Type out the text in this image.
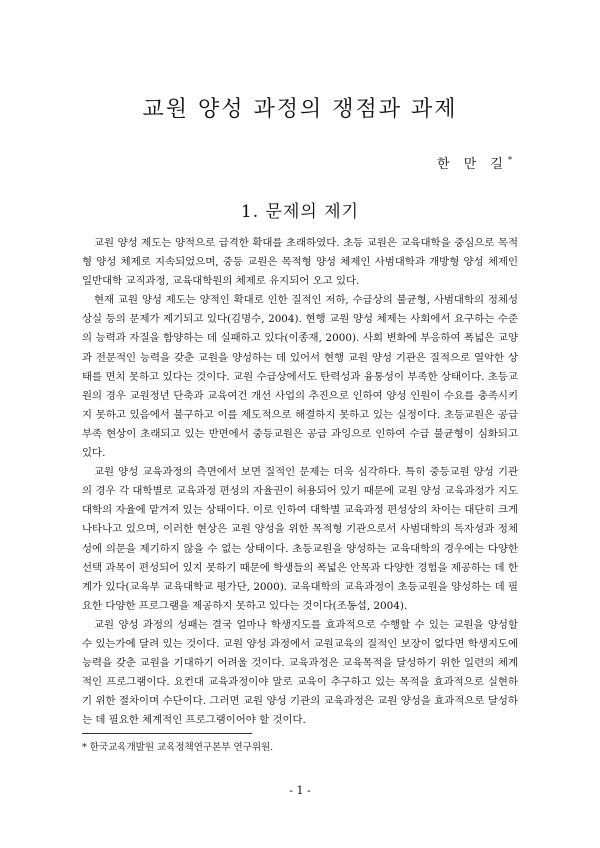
교원 양성 과정의 쟁점과 과제
한 만 길*
1. 문제의 제기

교원 양성 제도는 양적으로 급격한 확대를 초래하였다. 초등 교원은 교육대학을 중심으로 목적형 양성 체제로 지속되었으며, 중등 교원은 목적형 양성 체제인 사범대학과 개방형 양성 체제인 일반대학 교직과정, 교육대학원의 체제로 유지되어 오고 있다.

현재 교원 양성 제도는 양적인 확대로 인한 질적인 저하, 수급상의 불균형, 사범대학의 정체성 상실 등의 문제가 제기되고 있다(김명수, 2004). 현행 교원 양성 체제는 사회에서 요구하는 수준의 능력과 자질을 함양하는 데 실패하고 있다(이종재, 2000). 사회 변화에 부응하여 폭넓은 교양과 전문적인 능력을 갖춘 교원을 양성하는 데 있어서 현행 교원 양성 기관은 질적으로 열악한 상태를 면치 못하고 있다는 것이다. 교원 수급상에서도 탄력성과 융통성이 부족한 상태이다. 초등교원의 경우 교원정년 단축과 교육여건 개선 사업의 추진으로 인하여 양성 인원이 수요를 충족시키지 못하고 있음에서 불구하고 이를 제도적으로 해결하지 못하고 있는 실정이다. 초등교원은 공급 부족 현상이 초래되고 있는 반면에서 중등교원은 공급 과잉으로 인하여 수급 불균형이 심화되고 있다.

교원 양성 교육과정의 측면에서 보면 질적인 문제는 더욱 심각하다. 특히 중등교원 양성 기관의 경우 각 대학별로 교육과정 편성의 자율권이 허용되어 있기 때문에 교원 양성 교육과정가 지도 대학의 자율에 맡겨져 있는 상태이다. 이로 인하여 대학별 교육과정 편성상의 차이는 대단히 크게 나타나고 있으며, 이러한 현상은 교원 양성을 위한 목적형 기관으로서 사범대학의 독자성과 정체성에 의문을 제기하지 않을 수 없는 상태이다. 초등교원을 양성하는 교육대학의 경우에는 다양한 선택 과목이 편성되어 있지 못하기 때문에 학생들의 폭넓은 안목과 다양한 경험을 제공하는 데 한계가 있다(교육부 교육대학교 평가단, 2000). 교육대학의 교육과정이 초등교원을 양성하는 데 필요한 다양한 프로그램을 제공하지 못하고 있다는 것이다(조동섭, 2004).

교원 양성 과정의 성패는 결국 얼마나 학생지도를 효과적으로 수행할 수 있는 교원을 양성할 수 있는가에 달려 있는 것이다. 교원 양성 과정에서 교원교육의 질적인 보장이 없다면 학생지도에 능력을 갖춘 교원을 기대하기 어려울 것이다. 교육과정은 교육목적을 달성하기 위한 일련의 체계적인 프로그램이다. 요컨대 교육과정이야 말로 교육이 추구하고 있는 목적을 효과적으로 실현하기 위한 절차이며 수단이다. 그러면 교원 양성 기관의 교육과정은 교원 양성을 효과적으로 달성하는 데 필요한 체계적인 프로그램이어야 할 것이다.

* 한국교육개발원 교육정책연구본부 연구위원.
- 1 -
